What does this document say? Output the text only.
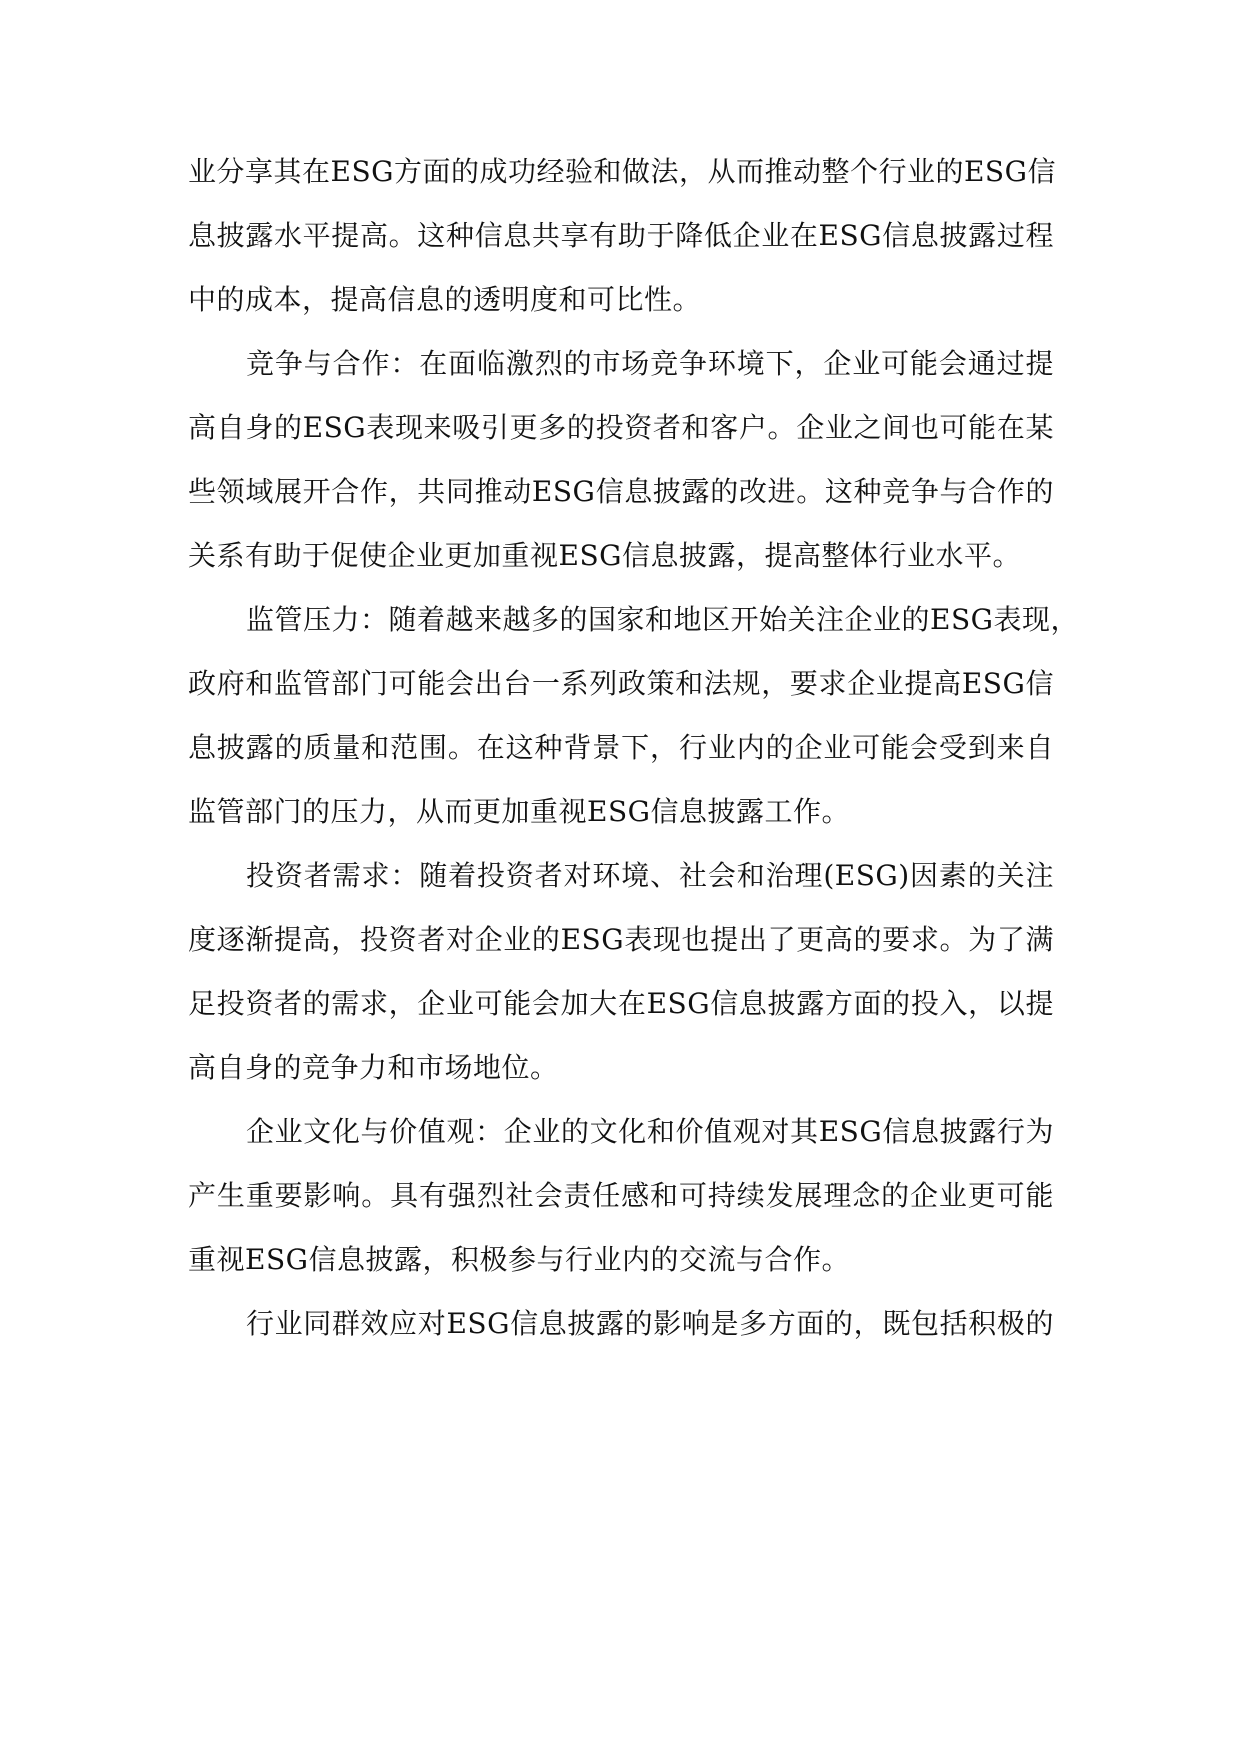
业分享其在ESG方面的成功经验和做法，从而推动整个行业的ESG信
息披露水平提高。这种信息共享有助于降低企业在ESG信息披露过程
中的成本，提高信息的透明度和可比性。
竞争与合作：在面临激烈的市场竞争环境下，企业可能会通过提
高自身的ESG表现来吸引更多的投资者和客户。企业之间也可能在某
些领域展开合作，共同推动ESG信息披露的改进。这种竞争与合作的
关系有助于促使企业更加重视ESG信息披露，提高整体行业水平。
监管压力：随着越来越多的国家和地区开始关注企业的ESG表现，
政府和监管部门可能会出台一系列政策和法规，要求企业提高ESG信
息披露的质量和范围。在这种背景下，行业内的企业可能会受到来自
监管部门的压力，从而更加重视ESG信息披露工作。
投资者需求：随着投资者对环境、社会和治理(ESG)因素的关注
度逐渐提高，投资者对企业的ESG表现也提出了更高的要求。为了满
足投资者的需求，企业可能会加大在ESG信息披露方面的投入，以提
高自身的竞争力和市场地位。
企业文化与价值观：企业的文化和价值观对其ESG信息披露行为
产生重要影响。具有强烈社会责任感和可持续发展理念的企业更可能
重视ESG信息披露，积极参与行业内的交流与合作。
行业同群效应对ESG信息披露的影响是多方面的，既包括积极的
